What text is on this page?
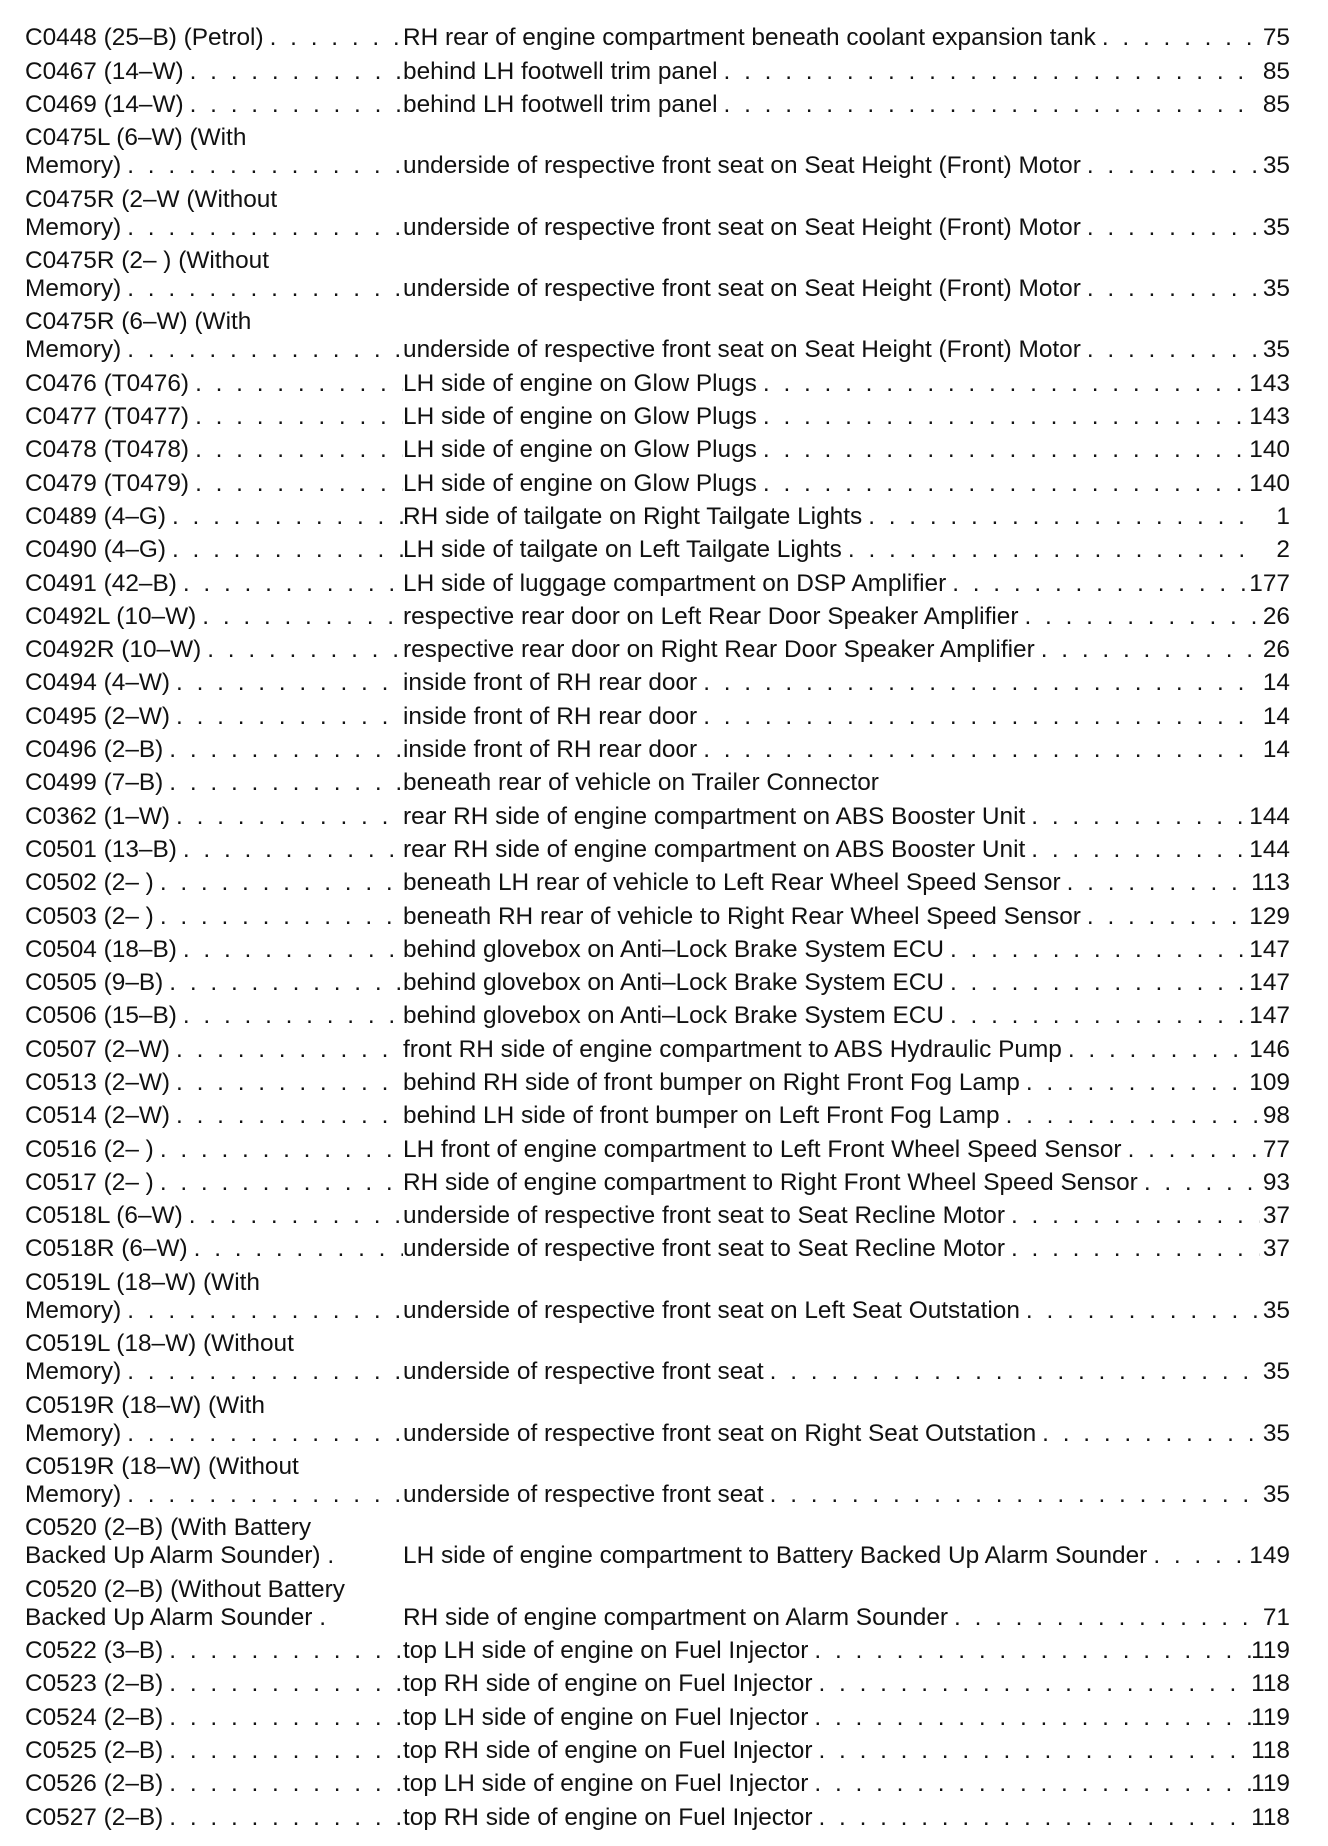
C0448 (25–B) (Petrol) . . .	RH rear of engine compartment beneath coolant expansion tank . . .	75
C0467 (14–W) . . .	behind LH footwell trim panel . . .	85
C0469 (14–W) . . .	behind LH footwell trim panel . . .	85
C0475L (6–W) (With
Memory) . . .	underside of respective front seat on Seat Height (Front) Motor . . .	35
C0475R (2–W (Without
Memory) . . .	underside of respective front seat on Seat Height (Front) Motor . . .	35
C0475R (2– ) (Without
Memory) . . .	underside of respective front seat on Seat Height (Front) Motor . . .	35
C0475R (6–W) (With
Memory) . . .	underside of respective front seat on Seat Height (Front) Motor . . .	35
C0476 (T0476) . . .	LH side of engine on Glow Plugs . . .	143
C0477 (T0477) . . .	LH side of engine on Glow Plugs . . .	143
C0478 (T0478) . . .	LH side of engine on Glow Plugs . . .	140
C0479 (T0479) . . .	LH side of engine on Glow Plugs . . .	140
C0489 (4–G) . . .	RH side of tailgate on Right Tailgate Lights . . .	1
C0490 (4–G) . . .	LH side of tailgate on Left Tailgate Lights . . .	2
C0491 (42–B) . . .	LH side of luggage compartment on DSP Amplifier . . .	177
C0492L (10–W) . . .	respective rear door on Left Rear Door Speaker Amplifier . . .	26
C0492R (10–W) . . .	respective rear door on Right Rear Door Speaker Amplifier . . .	26
C0494 (4–W) . . .	inside front of RH rear door . . .	14
C0495 (2–W) . . .	inside front of RH rear door . . .	14
C0496 (2–B) . . .	inside front of RH rear door . . .	14
C0499 (7–B) . . .	beneath rear of vehicle on Trailer Connector
C0362 (1–W) . . .	rear RH side of engine compartment on ABS Booster Unit . . .	144
C0501 (13–B) . . .	rear RH side of engine compartment on ABS Booster Unit . . .	144
C0502 (2– ) . . .	beneath LH rear of vehicle to Left Rear Wheel Speed Sensor . . .	113
C0503 (2– ) . . .	beneath RH rear of vehicle to Right Rear Wheel Speed Sensor . . .	129
C0504 (18–B) . . .	behind glovebox on Anti–Lock Brake System ECU . . .	147
C0505 (9–B) . . .	behind glovebox on Anti–Lock Brake System ECU . . .	147
C0506 (15–B) . . .	behind glovebox on Anti–Lock Brake System ECU . . .	147
C0507 (2–W) . . .	front RH side of engine compartment to ABS Hydraulic Pump . . .	146
C0513 (2–W) . . .	behind RH side of front bumper on Right Front Fog Lamp . . .	109
C0514 (2–W) . . .	behind LH side of front bumper on Left Front Fog Lamp . . .	98
C0516 (2– ) . . .	LH front of engine compartment to Left Front Wheel Speed Sensor . . .	77
C0517 (2– ) . . .	RH side of engine compartment to Right Front Wheel Speed Sensor . . .	93
C0518L (6–W) . . .	underside of respective front seat to Seat Recline Motor . . .	37
C0518R (6–W) . . .	underside of respective front seat to Seat Recline Motor . . .	37
C0519L (18–W) (With
Memory) . . .	underside of respective front seat on Left Seat Outstation . . .	35
C0519L (18–W) (Without
Memory) . . .	underside of respective front seat . . .	35
C0519R (18–W) (With
Memory) . . .	underside of respective front seat on Right Seat Outstation . . .	35
C0519R (18–W) (Without
Memory) . . .	underside of respective front seat . . .	35
C0520 (2–B) (With Battery
Backed Up Alarm Sounder) .	LH side of engine compartment to Battery Backed Up Alarm Sounder . . .	149
C0520 (2–B) (Without Battery
Backed Up Alarm Sounder .	RH side of engine compartment on Alarm Sounder . . .	71
C0522 (3–B) . . .	top LH side of engine on Fuel Injector . . .	119
C0523 (2–B) . . .	top RH side of engine on Fuel Injector . . .	118
C0524 (2–B) . . .	top LH side of engine on Fuel Injector . . .	119
C0525 (2–B) . . .	top RH side of engine on Fuel Injector . . .	118
C0526 (2–B) . . .	top LH side of engine on Fuel Injector . . .	119
C0527 (2–B) . . .	top RH side of engine on Fuel Injector . . .	118
